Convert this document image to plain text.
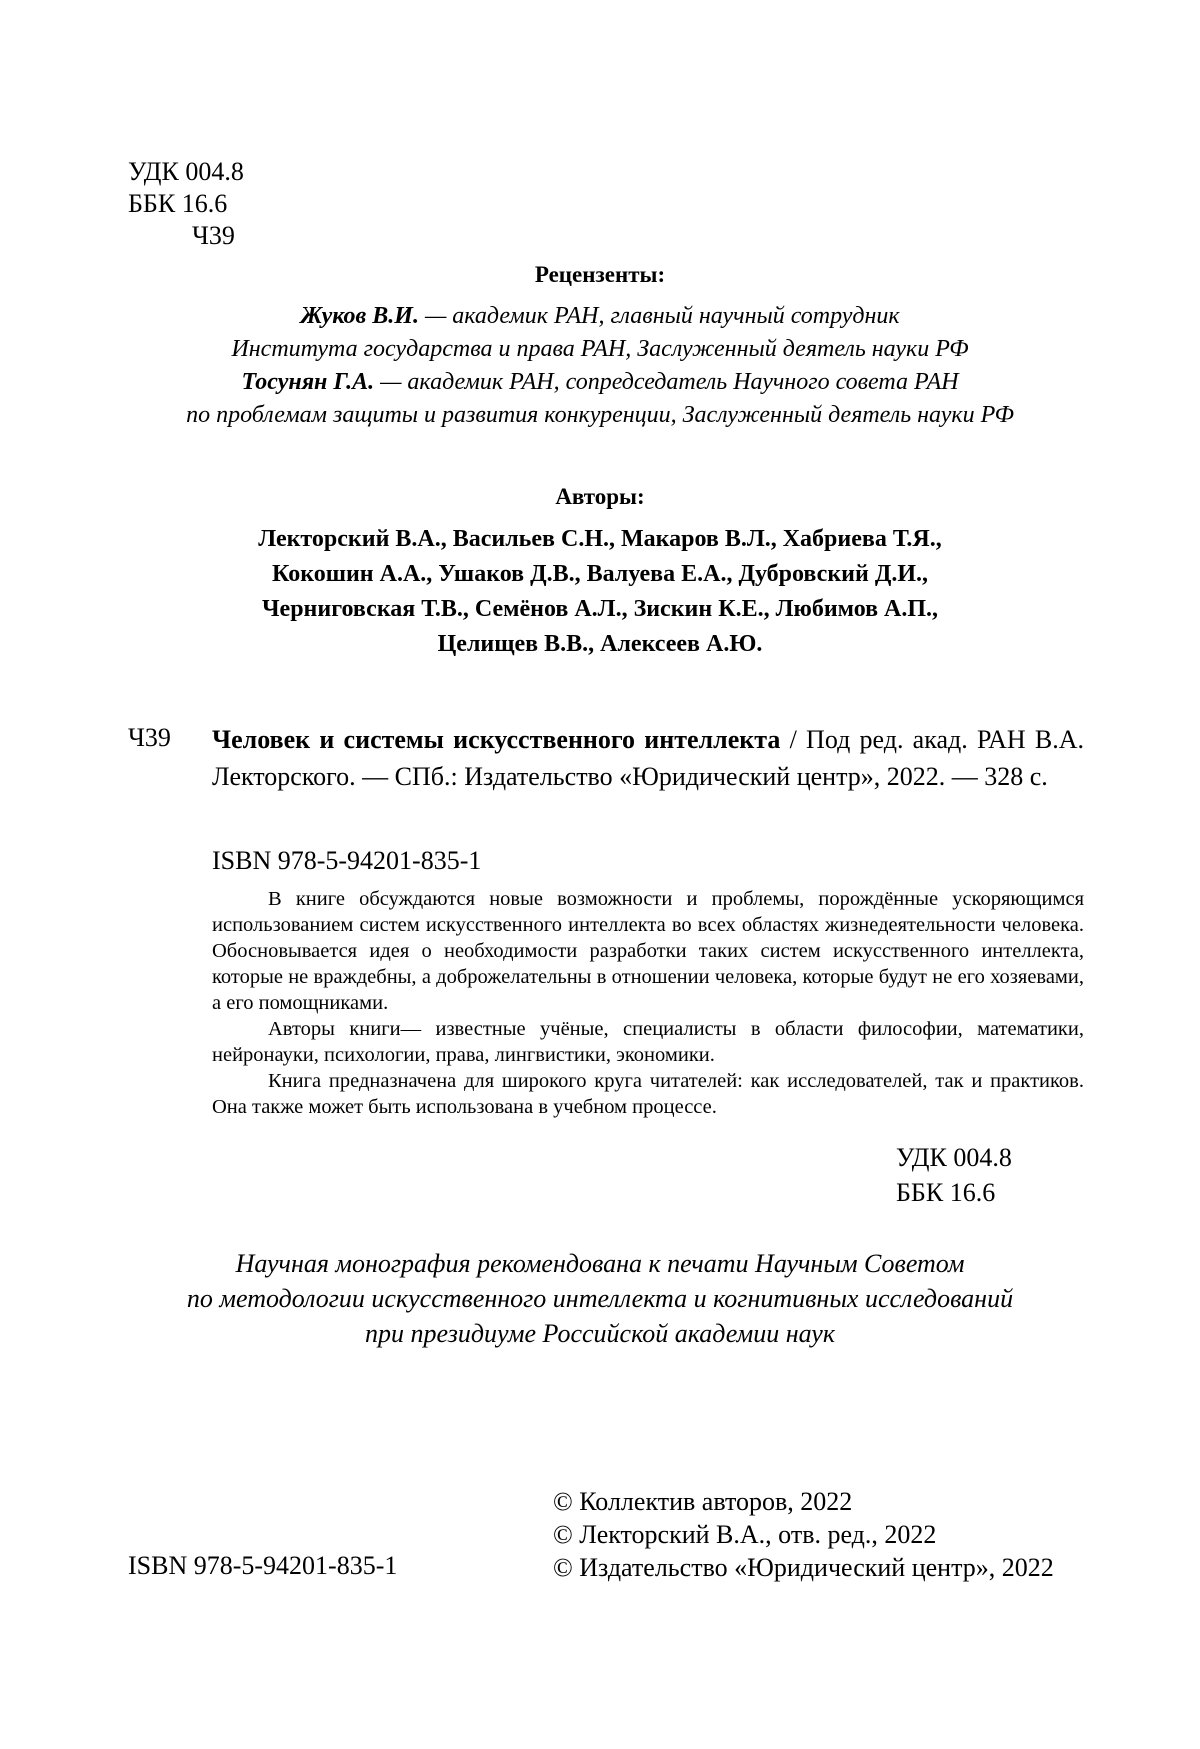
УДК 004.8
ББК 16.6
Ч39
Рецензенты:
Жуков В.И. — академик РАН, главный научный сотрудник
Института государства и права РАН, Заслуженный деятель науки РФ
Тосунян Г.А. — академик РАН, сопредседатель Научного совета РАН
по проблемам защиты и развития конкуренции, Заслуженный деятель науки РФ
Авторы:
Лекторский В.А., Васильев С.Н., Макаров В.Л., Хабриева Т.Я.,
Кокошин А.А., Ушаков Д.В., Валуева Е.А., Дубровский Д.И.,
Черниговская Т.В., Семёнов А.Л., Зискин К.Е., Любимов А.П.,
Целищев В.В., Алексеев А.Ю.
Ч39 Человек и системы искусственного интеллекта / Под ред. акад. РАН В.А. Лекторского. — СПб.: Издательство «Юридический центр», 2022. — 328 с.
ISBN 978-5-94201-835-1

В книге обсуждаются новые возможности и проблемы, порождённые ускоряющимся использованием систем искусственного интеллекта во всех областях жизнедеятельности человека. Обосновывается идея о необходимости разработки таких систем искусственного интеллекта, которые не враждебны, а доброжелательны в отношении человека, которые будут не его хозяевами, а его помощниками.

Авторы книги— известные учёные, специалисты в области философии, математики, нейронауки, психологии, права, лингвистики, экономики.

Книга предназначена для широкого круга читателей: как исследователей, так и практиков. Она также может быть использована в учебном процессе.

УДК 004.8
ББК 16.6
Научная монография рекомендована к печати Научным Советом
по методологии искусственного интеллекта и когнитивных исследований
при президиуме Российской академии наук
ISBN 978-5-94201-835-1
© Коллектив авторов, 2022
© Лекторский В.А., отв. ред., 2022
© Издательство «Юридический центр», 2022
